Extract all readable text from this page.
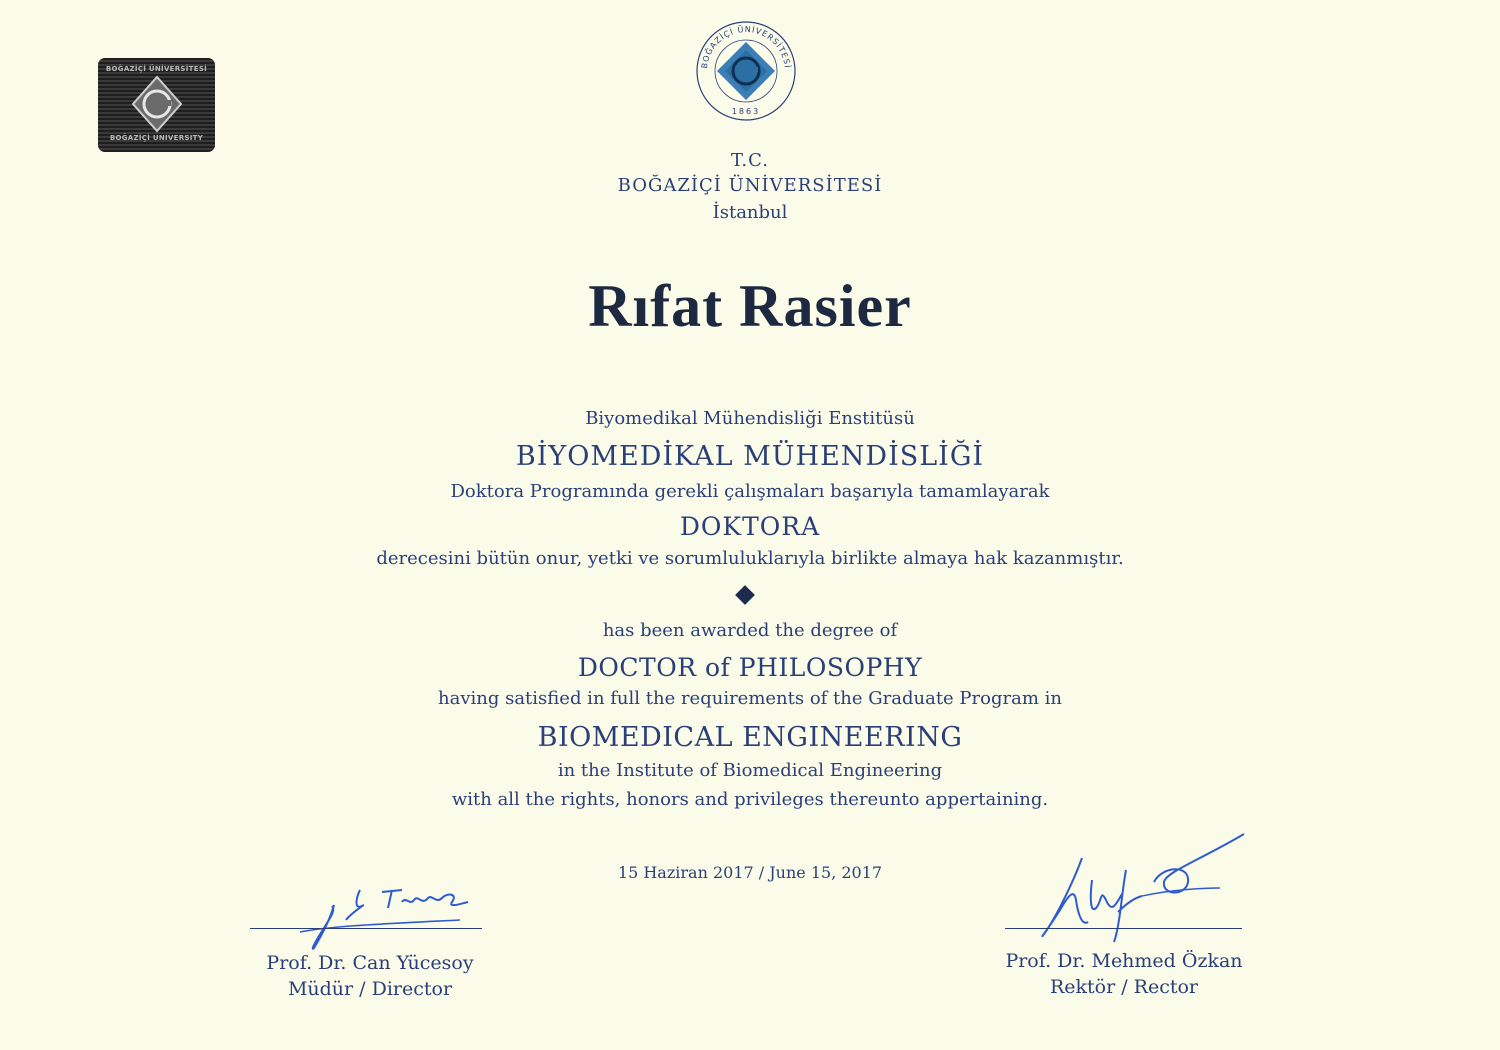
BOĞAZİÇİ ÜNİVERSİTESİ
BOĞAZİÇİ UNIVERSITY
BOĞAZİÇİ ÜNİVERSİTESİ
1863
T.C.
BOĞAZİÇİ ÜNİVERSİTESİ
İstanbul
Rıfat Rasier
Biyomedikal Mühendisliği Enstitüsü
BİYOMEDİKAL MÜHENDİSLİĞİ
Doktora Programında gerekli çalışmaları başarıyla tamamlayarak
DOKTORA
derecesini bütün onur, yetki ve sorumluluklarıyla birlikte almaya hak kazanmıştır.
has been awarded the degree of
DOCTOR of PHILOSOPHY
having satisfied in full the requirements of the Graduate Program in
BIOMEDICAL ENGINEERING
in the Institute of Biomedical Engineering
with all the rights, honors and privileges thereunto appertaining.
15 Haziran 2017 / June 15, 2017
Prof. Dr. Can Yücesoy
Müdür / Director
Prof. Dr. Mehmed Özkan
Rektör / Rector
